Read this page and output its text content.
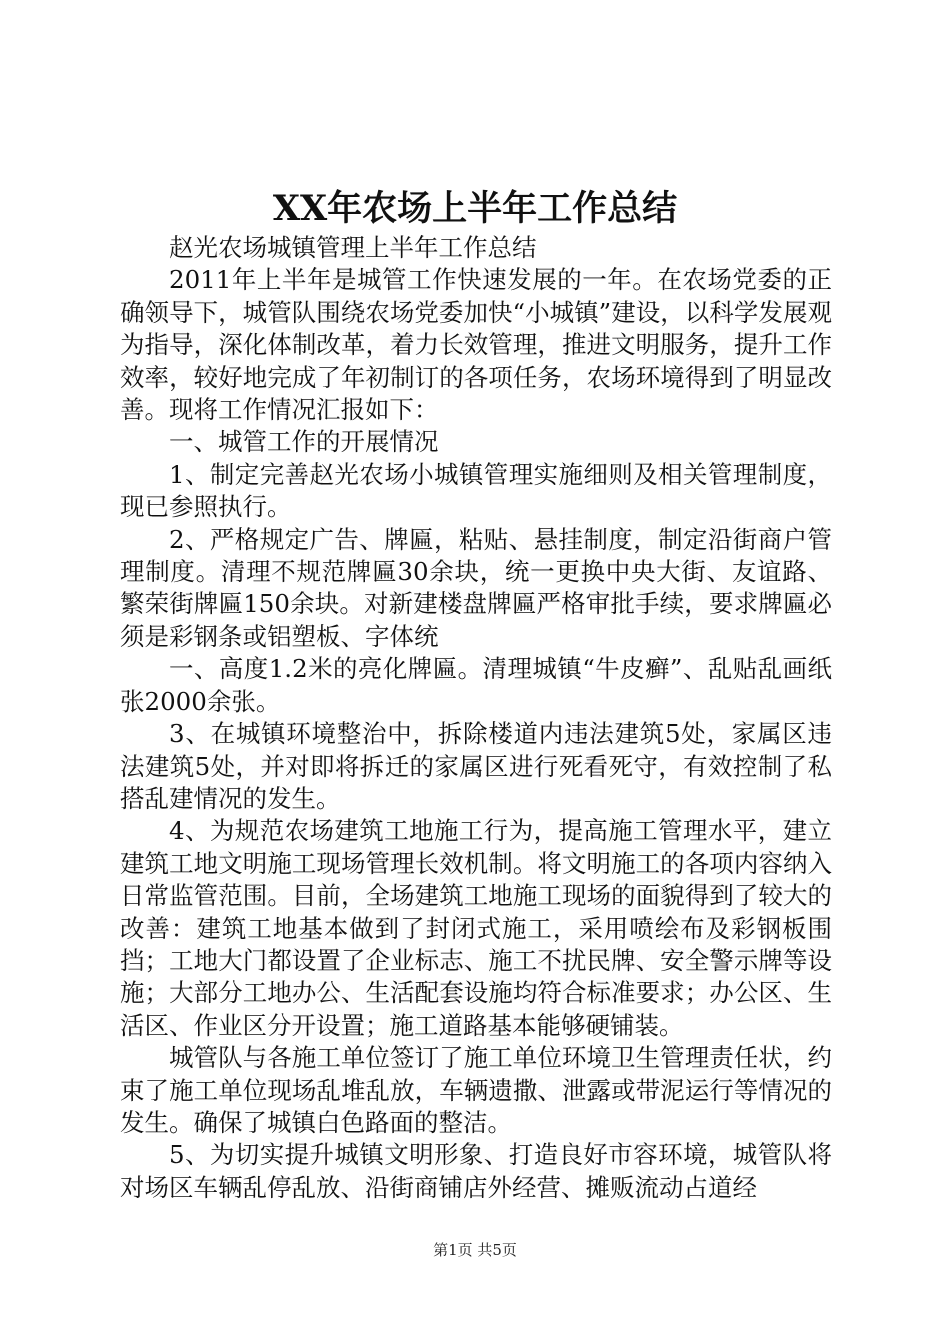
XX年农场上半年工作总结

赵光农场城镇管理上半年工作总结

2011年上半年是城管工作快速发展的一年。在农场党委的正确领导下，城管队围绕农场党委加快“小城镇”建设，以科学发展观为指导，深化体制改革，着力长效管理，推进文明服务，提升工作效率，较好地完成了年初制订的各项任务，农场环境得到了明显改善。现将工作情况汇报如下：

一、城管工作的开展情况

1、制定完善赵光农场小城镇管理实施细则及相关管理制度，现已参照执行。

2、严格规定广告、牌匾，粘贴、悬挂制度，制定沿街商户管理制度。清理不规范牌匾30余块，统一更换中央大街、友谊路、繁荣街牌匾150余块。对新建楼盘牌匾严格审批手续，要求牌匾必须是彩钢条或铝塑板、字体统

一、高度1.2米的亮化牌匾。清理城镇“牛皮癣”、乱贴乱画纸张2000余张。

3、在城镇环境整治中，拆除楼道内违法建筑5处，家属区违法建筑5处，并对即将拆迁的家属区进行死看死守，有效控制了私搭乱建情况的发生。

4、为规范农场建筑工地施工行为，提高施工管理水平，建立建筑工地文明施工现场管理长效机制。将文明施工的各项内容纳入日常监管范围。目前，全场建筑工地施工现场的面貌得到了较大的改善：建筑工地基本做到了封闭式施工，采用喷绘布及彩钢板围挡；工地大门都设置了企业标志、施工不扰民牌、安全警示牌等设施；大部分工地办公、生活配套设施均符合标准要求；办公区、生活区、作业区分开设置；施工道路基本能够硬铺装。

城管队与各施工单位签订了施工单位环境卫生管理责任状，约束了施工单位现场乱堆乱放，车辆遗撒、泄露或带泥运行等情况的发生。确保了城镇白色路面的整洁。

5、为切实提升城镇文明形象、打造良好市容环境，城管队将对场区车辆乱停乱放、沿街商铺店外经营、摊贩流动占道经

第1页 共5页
